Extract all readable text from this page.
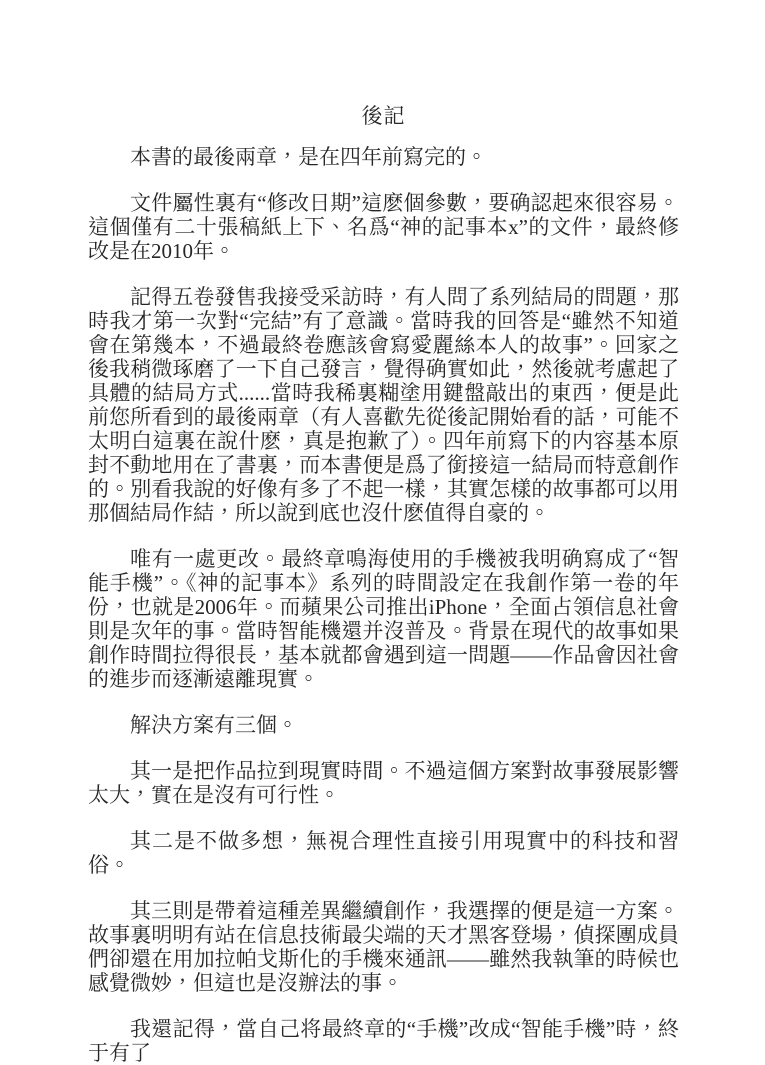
後記

本書的最後兩章，是在四年前寫完的。

文件屬性裏有“修改日期”這麽個參數，要确認起來很容易。這個僅有二十張稿紙上下、名爲“神的記事本x”的文件，最終修改是在2010年。

記得五卷發售我接受采訪時，有人問了系列結局的問題，那時我才第一次對“完結”有了意識。當時我的回答是“雖然不知道會在第幾本，不過最終卷應該會寫愛麗絲本人的故事”。回家之後我稍微琢磨了一下自己發言，覺得确實如此，然後就考慮起了具體的結局方式......當時我稀裏糊塗用鍵盤敲出的東西，便是此前您所看到的最後兩章（有人喜歡先從後記開始看的話，可能不太明白這裏在說什麽，真是抱歉了）。四年前寫下的内容基本原封不動地用在了書裏，而本書便是爲了銜接這一結局而特意創作的。別看我說的好像有多了不起一樣，其實怎樣的故事都可以用那個結局作結，所以說到底也沒什麽值得自豪的。

唯有一處更改。最終章鳴海使用的手機被我明确寫成了“智能手機”。《神的記事本》系列的時間設定在我創作第一卷的年份，也就是2006年。而蘋果公司推出iPhone，全面占領信息社會則是次年的事。當時智能機還并沒普及。背景在現代的故事如果創作時間拉得很長，基本就都會遇到這一問題——作品會因社會的進步而逐漸遠離現實。

解決方案有三個。

其一是把作品拉到現實時間。不過這個方案對故事發展影響太大，實在是沒有可行性。

其二是不做多想，無視合理性直接引用現實中的科技和習俗。

其三則是帶着這種差異繼續創作，我選擇的便是這一方案。故事裏明明有站在信息技術最尖端的天才黑客登場，偵探團成員們卻還在用加拉帕戈斯化的手機來通訊——雖然我執筆的時候也感覺微妙，但這也是沒辦法的事。

我還記得，當自己将最終章的“手機”改成“智能手機”時，終于有了
